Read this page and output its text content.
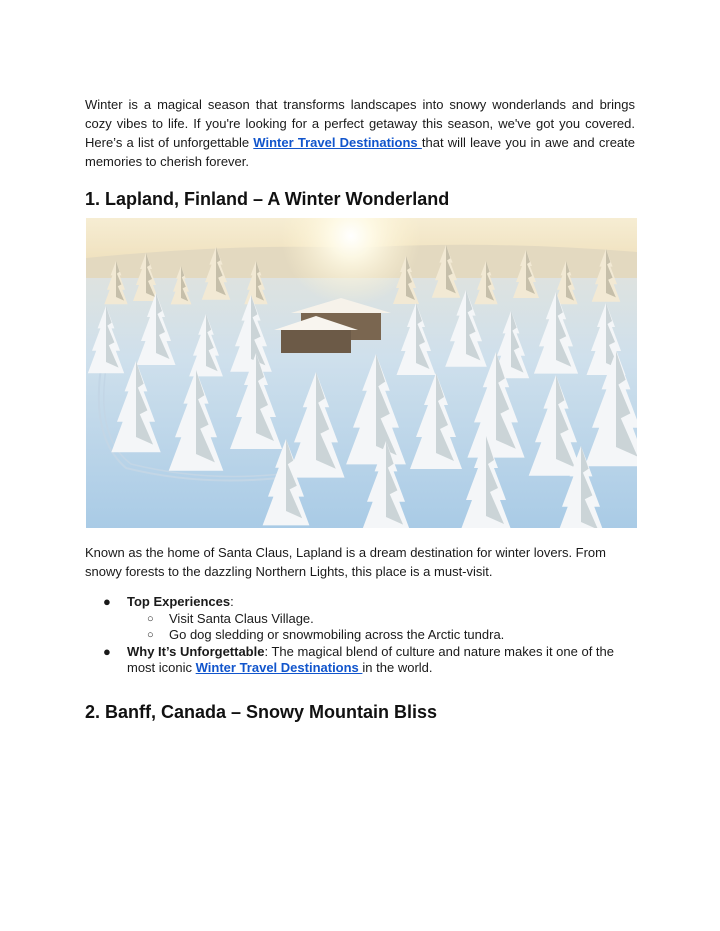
Winter is a magical season that transforms landscapes into snowy wonderlands and brings cozy vibes to life. If you're looking for a perfect getaway this season, we've got you covered. Here’s a list of unforgettable Winter Travel Destinations that will leave you in awe and create memories to cherish forever.

1. Lapland, Finland – A Winter Wonderland

Known as the home of Santa Claus, Lapland is a dream destination for winter lovers. From snowy forests to the dazzling Northern Lights, this place is a must-visit.

● Top Experiences:
○ Visit Santa Claus Village.
○ Go dog sledding or snowmobiling across the Arctic tundra.
● Why It’s Unforgettable: The magical blend of culture and nature makes it one of the most iconic Winter Travel Destinations in the world.
2. Banff, Canada – Snowy Mountain Bliss
